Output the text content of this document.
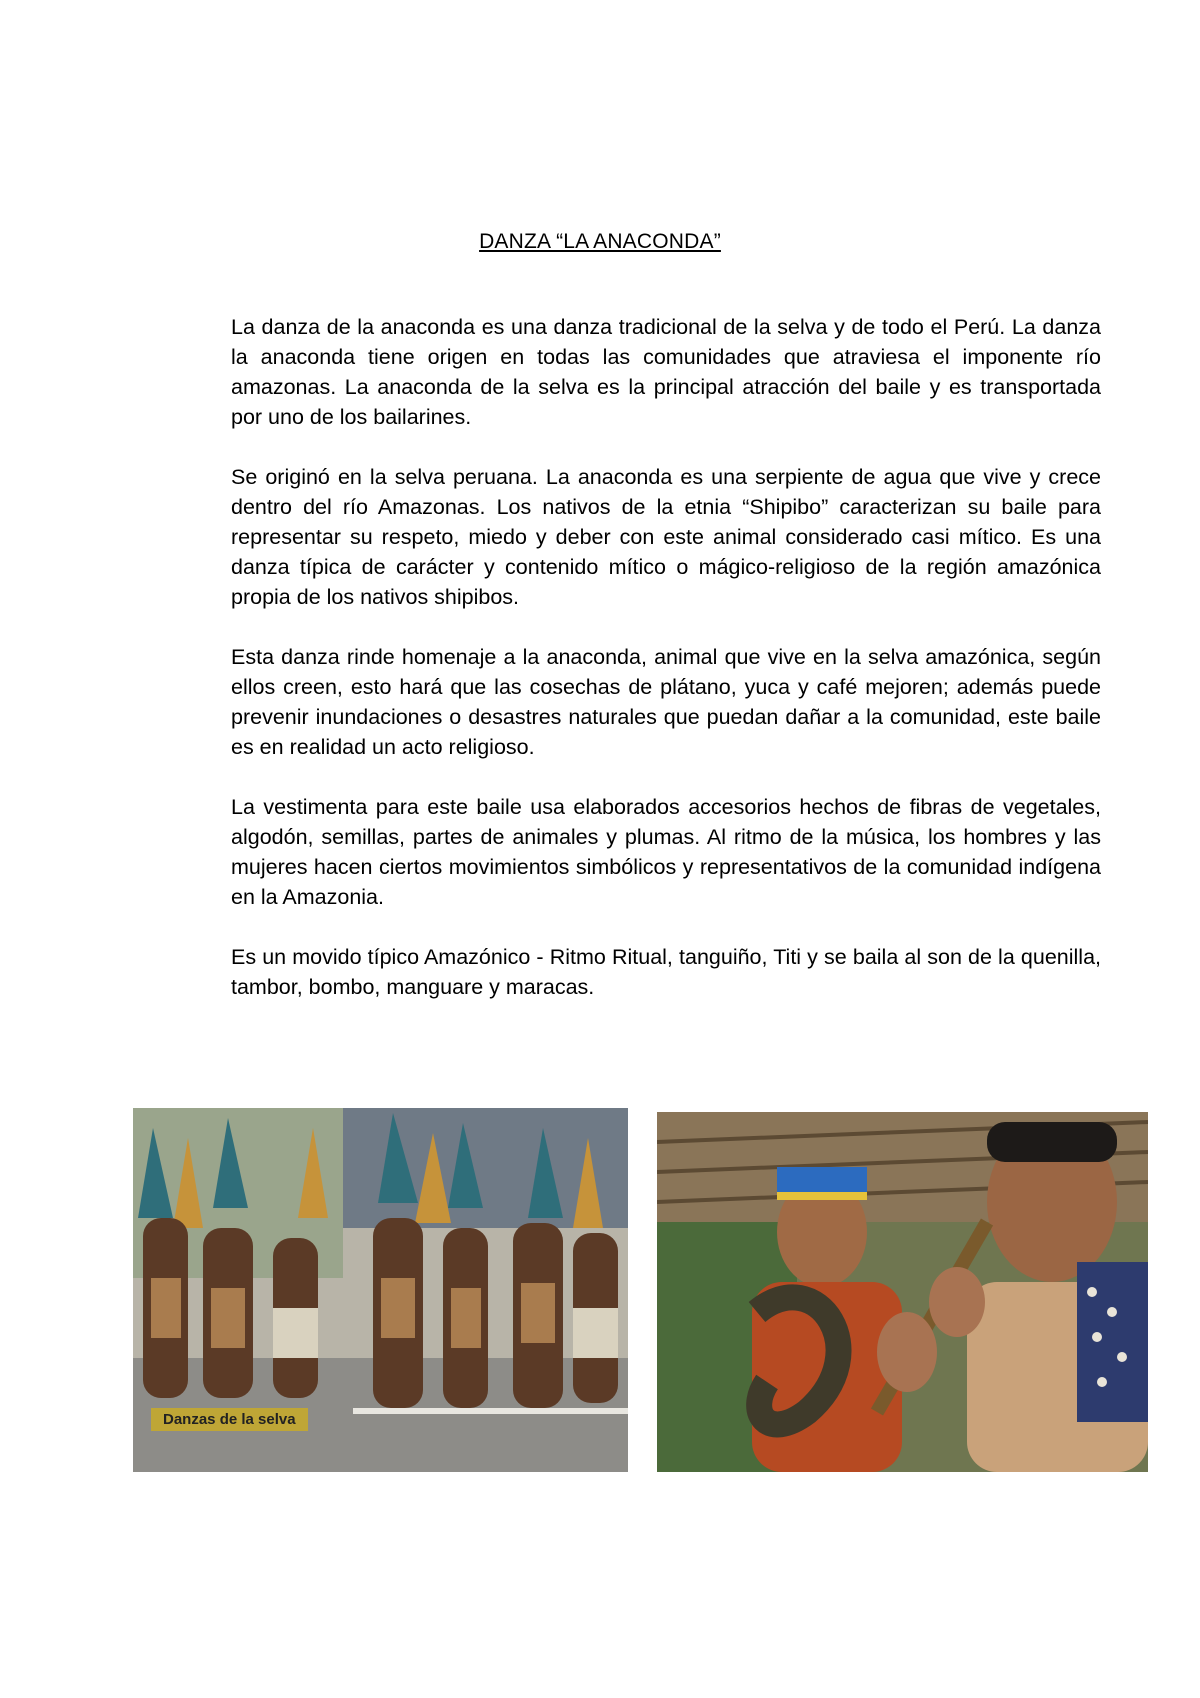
DANZA “LA ANACONDA”

La danza de la anaconda es una danza tradicional de la selva y de todo el Perú. La danza la anaconda tiene origen en todas las comunidades que atraviesa el imponente río amazonas. La anaconda de la selva es la principal atracción del baile y es transportada por uno de los bailarines.

Se originó en la selva peruana. La anaconda es una serpiente de agua que vive y crece dentro del río Amazonas. Los nativos de la etnia “Shipibo” caracterizan su baile para representar su respeto, miedo y deber con este animal considerado casi mítico. Es una danza típica de carácter y contenido mítico o mágico-religioso de la región amazónica propia de los nativos shipibos.

Esta danza rinde homenaje a la anaconda, animal que vive en la selva amazónica, según ellos creen, esto hará que las cosechas de plátano, yuca y café mejoren; además puede prevenir inundaciones o desastres naturales que puedan dañar a la comunidad, este baile es en realidad un acto religioso.

La vestimenta para este baile usa elaborados accesorios hechos de fibras de vegetales, algodón, semillas, partes de animales y plumas. Al ritmo de la música, los hombres y las mujeres hacen ciertos movimientos simbólicos y representativos de la comunidad indígena en la Amazonia.

Es un movido típico Amazónico - Ritmo Ritual, tanguiño, Titi y se baila al son de la quenilla, tambor, bombo, manguare y maracas.

Danzas de la selva
